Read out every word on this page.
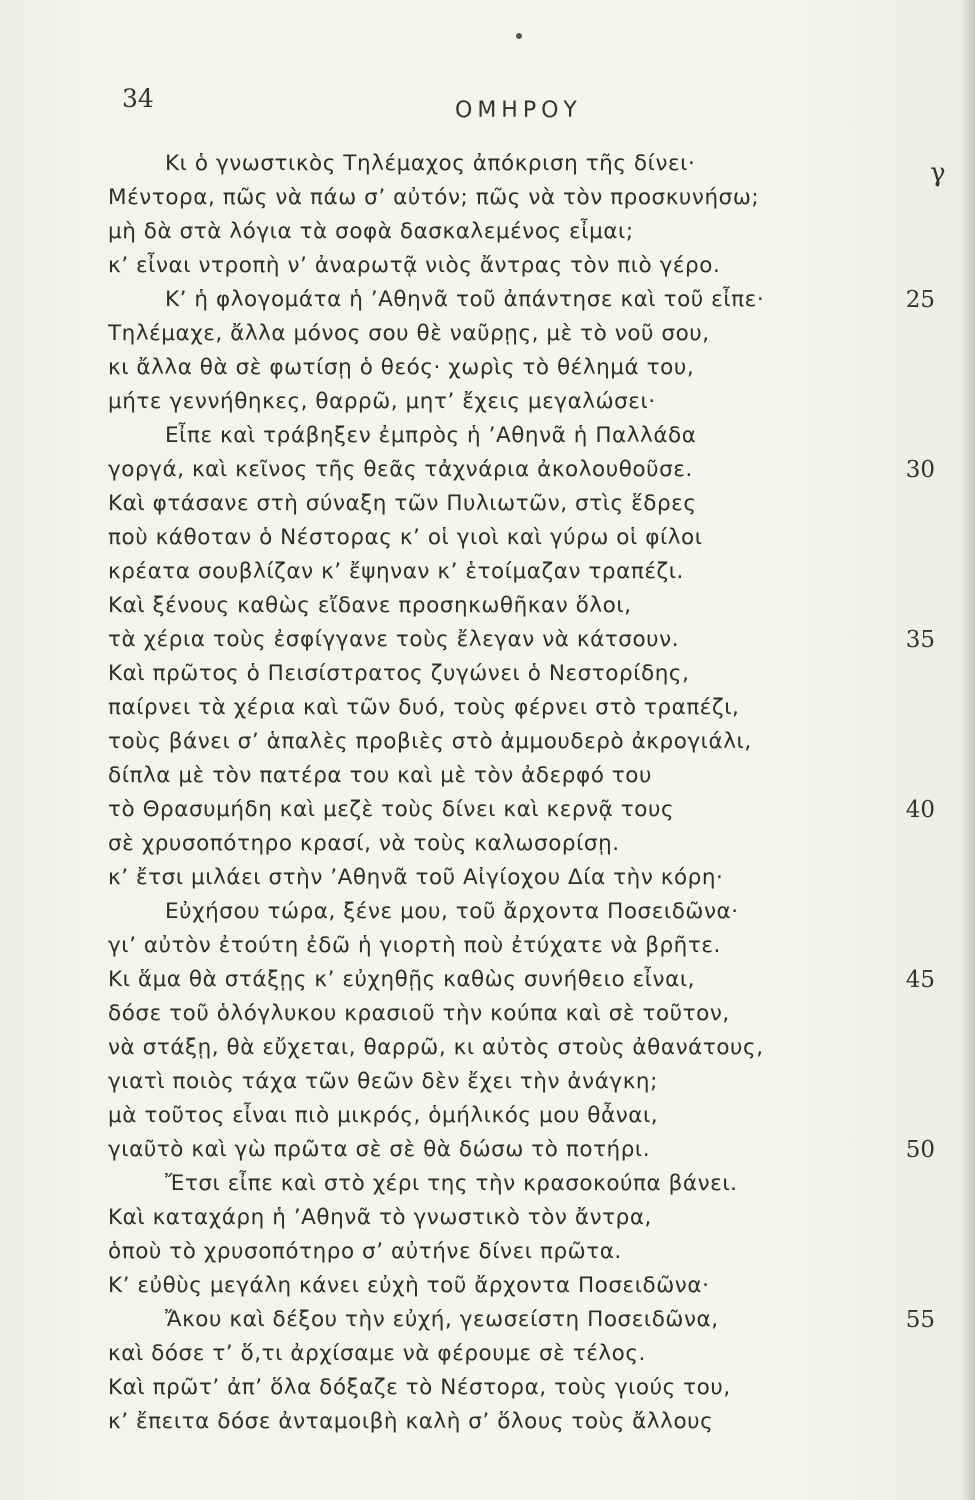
34	ΟΜΗΡΟΥ
γ
Κι ὁ γνωστικὸς Τηλέμαχος ἀπόκριση τῆς δίνει·
Μέντορα, πῶς νὰ πάω σ’ αὐτόν; πῶς νὰ τὸν προσκυνήσω;
μὴ δὰ στὰ λόγια τὰ σοφὰ δασκαλεμένος εἶμαι;
κ’ εἶναι ντροπὴ ν’ ἀναρωτᾷ νιὸς ἄντρας τὸν πιὸ γέρο.
Κ’ ἡ φλογομάτα ἡ ’Αθηνᾶ τοῦ ἀπάντησε καὶ τοῦ εἶπε·	25
Τηλέμαχε, ἄλλα μόνος σου θὲ ναῦρῃς, μὲ τὸ νοῦ σου,
κι ἄλλα θὰ σὲ φωτίσῃ ὁ θεός· χωρὶς τὸ θέλημά του,
μήτε γεννήθηκες, θαρρῶ, μητ’ ἔχεις μεγαλώσει·
Εἶπε καὶ τράβηξεν ἐμπρὸς ἡ ’Αθηνᾶ ἡ Παλλάδα
γοργά, καὶ κεῖνος τῆς θεᾶς τἀχνάρια ἀκολουθοῦσε.	30
Καὶ φτάσανε στὴ σύναξη τῶν Πυλιωτῶν, στὶς ἕδρες
ποὺ κάθοταν ὁ Νέστορας κ’ οἱ γιοὶ καὶ γύρω οἱ φίλοι
κρέατα σουβλίζαν κ’ ἔψηναν κ’ ἑτοίμαζαν τραπέζι.
Καὶ ξένους καθὼς εἴδανε προσηκωθῆκαν ὅλοι,
τὰ χέρια τοὺς ἐσφίγγανε τοὺς ἔλεγαν νὰ κάτσουν.	35
Καὶ πρῶτος ὁ Πεισίστρατος ζυγώνει ὁ Νεστορίδης,
παίρνει τὰ χέρια καὶ τῶν δυό, τοὺς φέρνει στὸ τραπέζι,
τοὺς βάνει σ’ ἁπαλὲς προβιὲς στὸ ἀμμουδερὸ ἀκρογιάλι,
δίπλα μὲ τὸν πατέρα του καὶ μὲ τὸν ἀδερφό του
τὸ Θρασυμήδη καὶ μεζὲ τοὺς δίνει καὶ κερνᾷ τους	40
σὲ χρυσοπότηρο κρασί, νὰ τοὺς καλωσορίσῃ.
κ’ ἔτσι μιλάει στὴν ’Αθηνᾶ τοῦ Αἰγίοχου Δία τὴν κόρη·
Εὐχήσου τώρα, ξένε μου, τοῦ ἄρχοντα Ποσειδῶνα·
γι’ αὐτὸν ἐτούτη ἐδῶ ἡ γιορτὴ ποὺ ἐτύχατε νὰ βρῆτε.
Κι ἅμα θὰ στάξῃς κ’ εὐχηθῇς καθὼς συνήθειο εἶναι,	45
δόσε τοῦ ὁλόγλυκου κρασιοῦ τὴν κούπα καὶ σὲ τοῦτον,
νὰ στάξῃ, θὰ εὔχεται, θαρρῶ, κι αὐτὸς στοὺς ἀθανάτους,
γιατὶ ποιὸς τάχα τῶν θεῶν δὲν ἔχει τὴν ἀνάγκη;
μὰ τοῦτος εἶναι πιὸ μικρός, ὁμήλικός μου θἆναι,
γιαῦτὸ καὶ γὼ πρῶτα σὲ σὲ θὰ δώσω τὸ ποτήρι.	50
Ἔτσι εἶπε καὶ στὸ χέρι της τὴν κρασοκούπα βάνει.
Καὶ καταχάρη ἡ ’Αθηνᾶ τὸ γνωστικὸ τὸν ἄντρα,
ὁποὺ τὸ χρυσοπότηρο σ’ αὐτήνε δίνει πρῶτα.
Κ’ εὐθὺς μεγάλη κάνει εὐχὴ τοῦ ἄρχοντα Ποσειδῶνα·
Ἄκου καὶ δέξου τὴν εὐχή, γεωσείστη Ποσειδῶνα,	55
καὶ δόσε τ’ ὅ,τι ἀρχίσαμε νὰ φέρουμε σὲ τέλος.
Καὶ πρῶτ’ ἀπ’ ὅλα δόξαζε τὸ Νέστορα, τοὺς γιούς του,
κ’ ἔπειτα δόσε ἀνταμοιβὴ καλὴ σ’ ὅλους τοὺς ἄλλους
